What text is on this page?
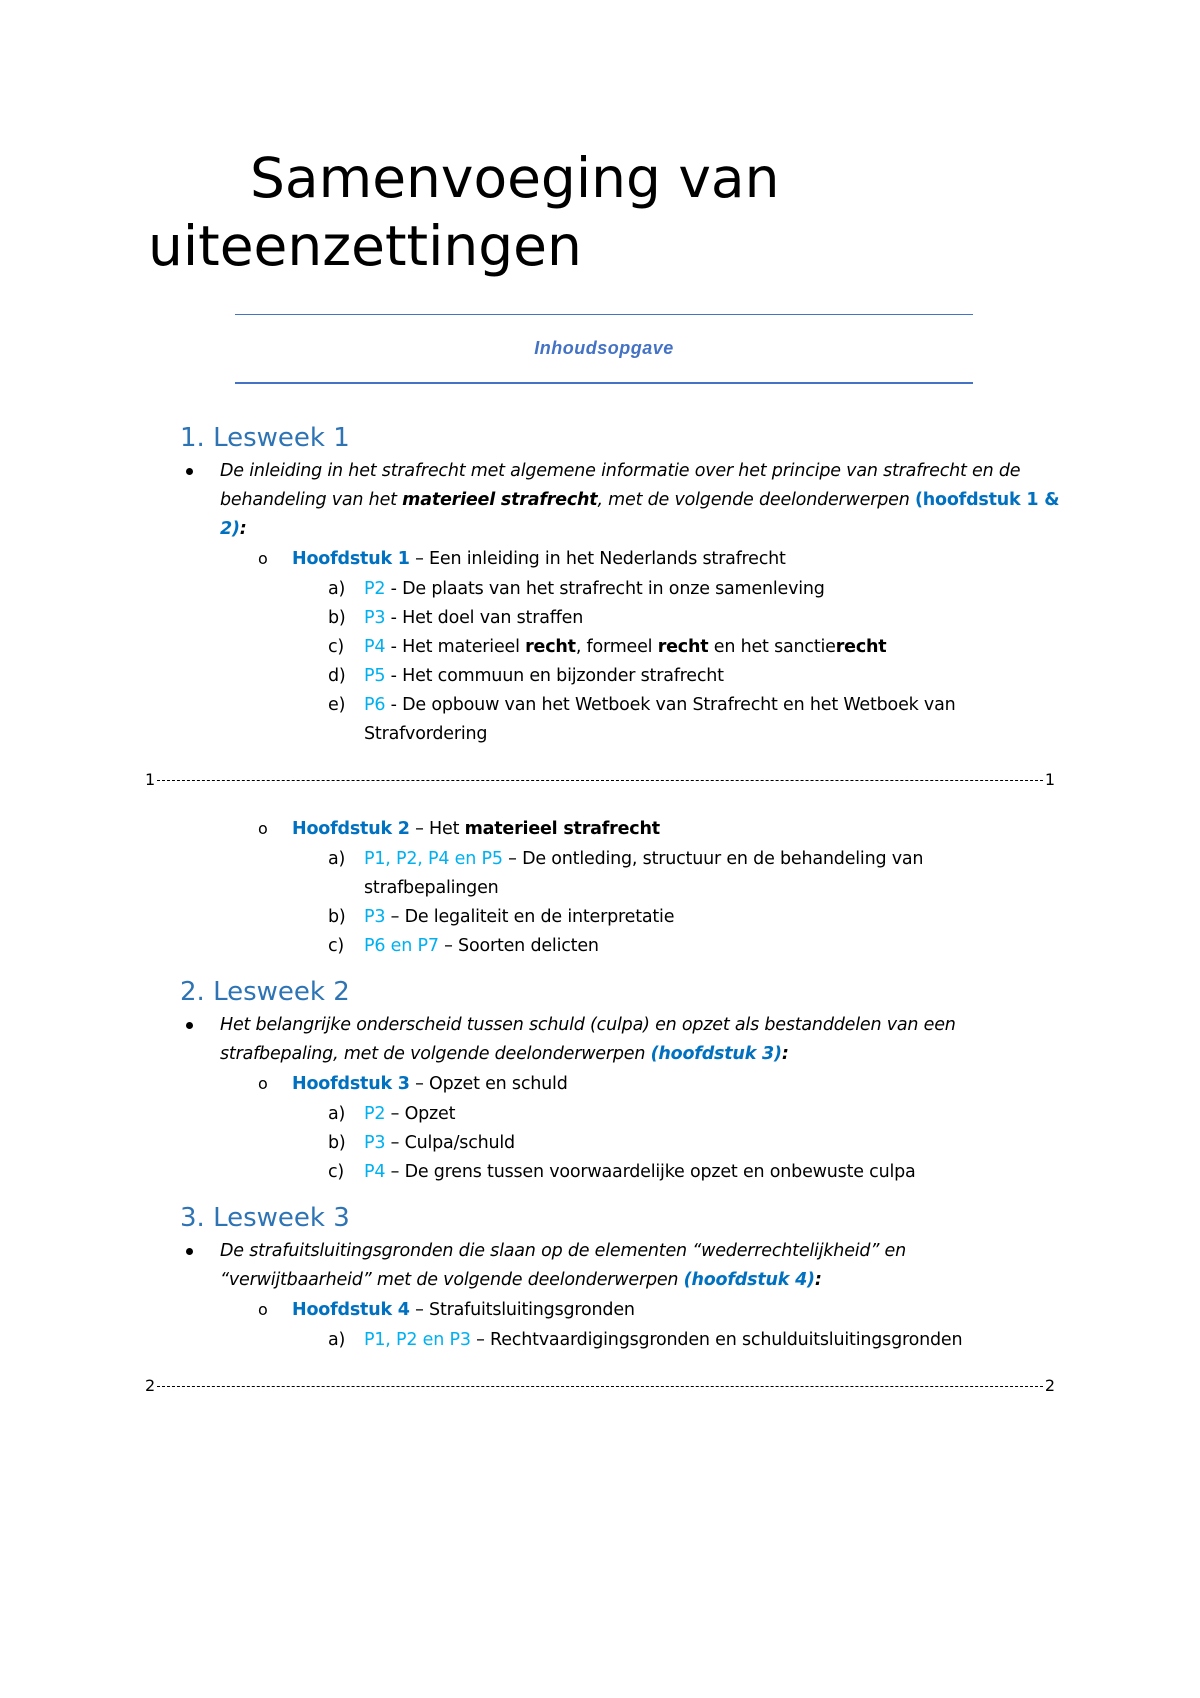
Samenvoeging van
uiteenzettingen
Inhoudsopgave
1. Lesweek 1
De inleiding in het strafrecht met algemene informatie over het principe van strafrecht en de
behandeling van het materieel strafrecht, met de volgende deelonderwerpen (hoofdstuk 1 &
2):
o Hoofdstuk 1 – Een inleiding in het Nederlands strafrecht
a)	P2 - De plaats van het strafrecht in onze samenleving
b)	P3 - Het doel van straffen
c)	P4 - Het materieel recht, formeel recht en het sanctierecht
d)	P5 - Het commuun en bijzonder strafrecht
e)	P6 - De opbouw van het Wetboek van Strafrecht en het Wetboek van
Strafvordering
1	1
o Hoofdstuk 2 – Het materieel strafrecht
a)	P1, P2, P4 en P5 – De ontleding, structuur en de behandeling van
strafbepalingen
b)	P3 – De legaliteit en de interpretatie
c)	P6 en P7 – Soorten delicten
2. Lesweek 2
Het belangrijke onderscheid tussen schuld (culpa) en opzet als bestanddelen van een
strafbepaling, met de volgende deelonderwerpen (hoofdstuk 3):
o Hoofdstuk 3 – Opzet en schuld
a)	P2 – Opzet
b)	P3 – Culpa/schuld
c)	P4 – De grens tussen voorwaardelijke opzet en onbewuste culpa
3. Lesweek 3
De strafuitsluitingsgronden die slaan op de elementen “wederrechtelijkheid” en
“verwijtbaarheid” met de volgende deelonderwerpen (hoofdstuk 4):
o Hoofdstuk 4 – Strafuitsluitingsgronden
a)	P1, P2 en P3 – Rechtvaardigingsgronden en schulduitsluitingsgronden
2	2
